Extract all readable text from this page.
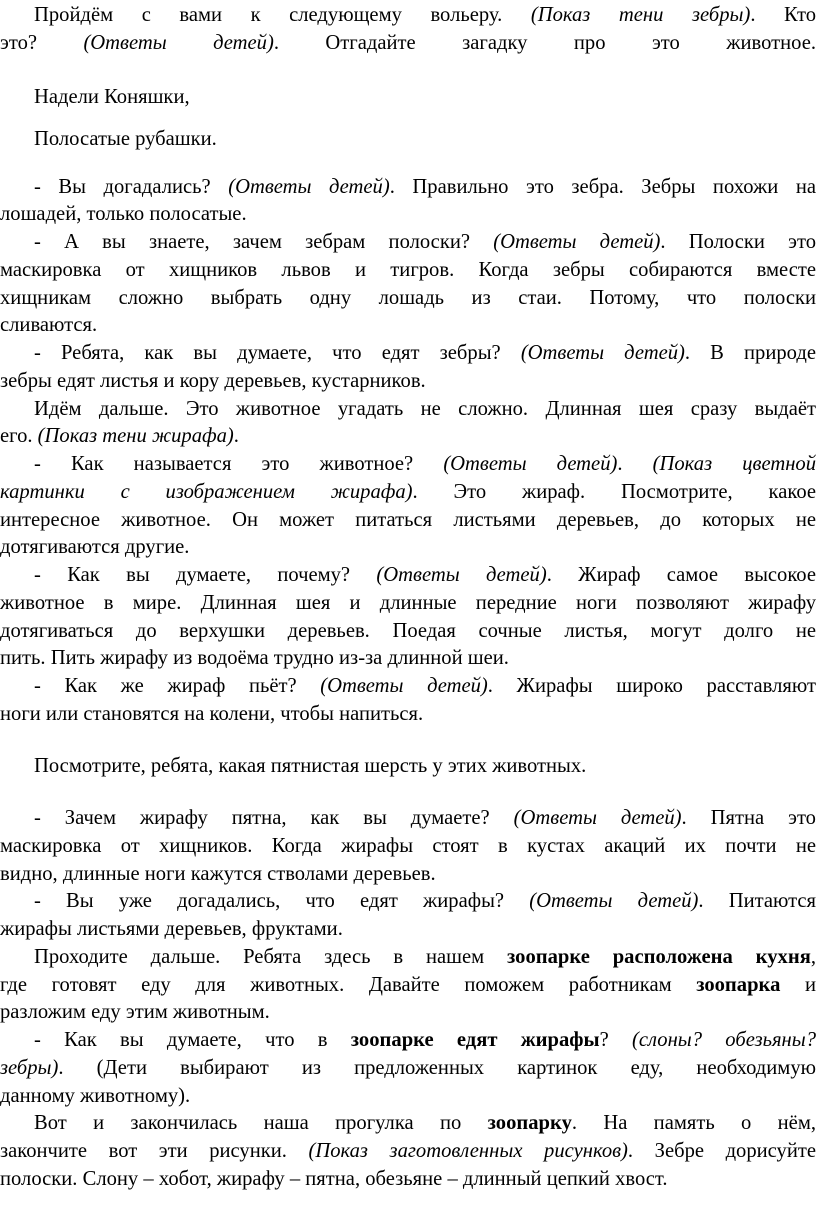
Пройдём с вами к следующему вольеру. (Показ тени зебры). Кто
это? (Ответы детей). Отгадайте загадку про это животное.
Надели Коняшки,
Полосатые рубашки.
- Вы догадались? (Ответы детей). Правильно это зебра. Зебры похожи на
лошадей, только полосатые.
- А вы знаете, зачем зебрам полоски? (Ответы детей). Полоски это
маскировка от хищников львов и тигров. Когда зебры собираются вместе
хищникам сложно выбрать одну лошадь из стаи. Потому, что полоски
сливаются.
- Ребята, как вы думаете, что едят зебры? (Ответы детей). В природе
зебры едят листья и кору деревьев, кустарников.
Идём дальше. Это животное угадать не сложно. Длинная шея сразу выдаёт
его. (Показ тени жирафа).
- Как называется это животное? (Ответы детей). (Показ цветной
картинки с изображением жирафа). Это жираф. Посмотрите, какое
интересное животное. Он может питаться листьями деревьев, до которых не
дотягиваются другие.
- Как вы думаете, почему? (Ответы детей). Жираф самое высокое
животное в мире. Длинная шея и длинные передние ноги позволяют жирафу
дотягиваться до верхушки деревьев. Поедая сочные листья, могут долго не
пить. Пить жирафу из водоёма трудно из-за длинной шеи.
- Как же жираф пьёт? (Ответы детей). Жирафы широко расставляют
ноги или становятся на колени, чтобы напиться.
Посмотрите, ребята, какая пятнистая шерсть у этих животных.
- Зачем жирафу пятна, как вы думаете? (Ответы детей). Пятна это
маскировка от хищников. Когда жирафы стоят в кустах акаций их почти не
видно, длинные ноги кажутся стволами деревьев.
- Вы уже догадались, что едят жирафы? (Ответы детей). Питаются
жирафы листьями деревьев, фруктами.
Проходите дальше. Ребята здесь в нашем зоопарке расположена кухня,
где готовят еду для животных. Давайте поможем работникам зоопарка и
разложим еду этим животным.
- Как вы думаете, что в зоопарке едят жирафы? (слоны? обезьяны?
зебры). (Дети выбирают из предложенных картинок еду, необходимую
данному животному).
Вот и закончилась наша прогулка по зоопарку. На память о нём,
закончите вот эти рисунки. (Показ заготовленных рисунков). Зебре дорисуйте
полоски. Слону – хобот, жирафу – пятна, обезьяне – длинный цепкий хвост.
